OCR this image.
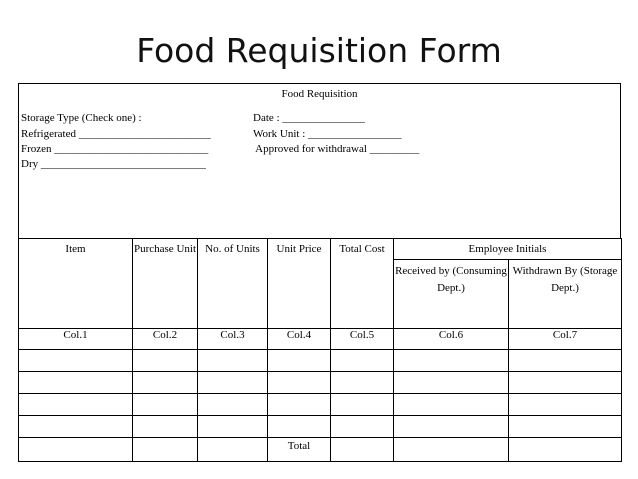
Food Requisition Form
Food Requisition
Storage Type (Check one) :
Refrigerated ________________________
Frozen ____________________________
Dry ______________________________
Date : _______________
Work Unit : _________________
Approved for withdrawal _________
Item	Purchase Unit	No. of Units	Unit Price	Total Cost	Employee Initials	
					Received by (Consuming Dept.)	Withdrawn By (Storage Dept.)
Col.1	Col.2	Col.3	Col.4	Col.5	Col.6	Col.7

			Total			
